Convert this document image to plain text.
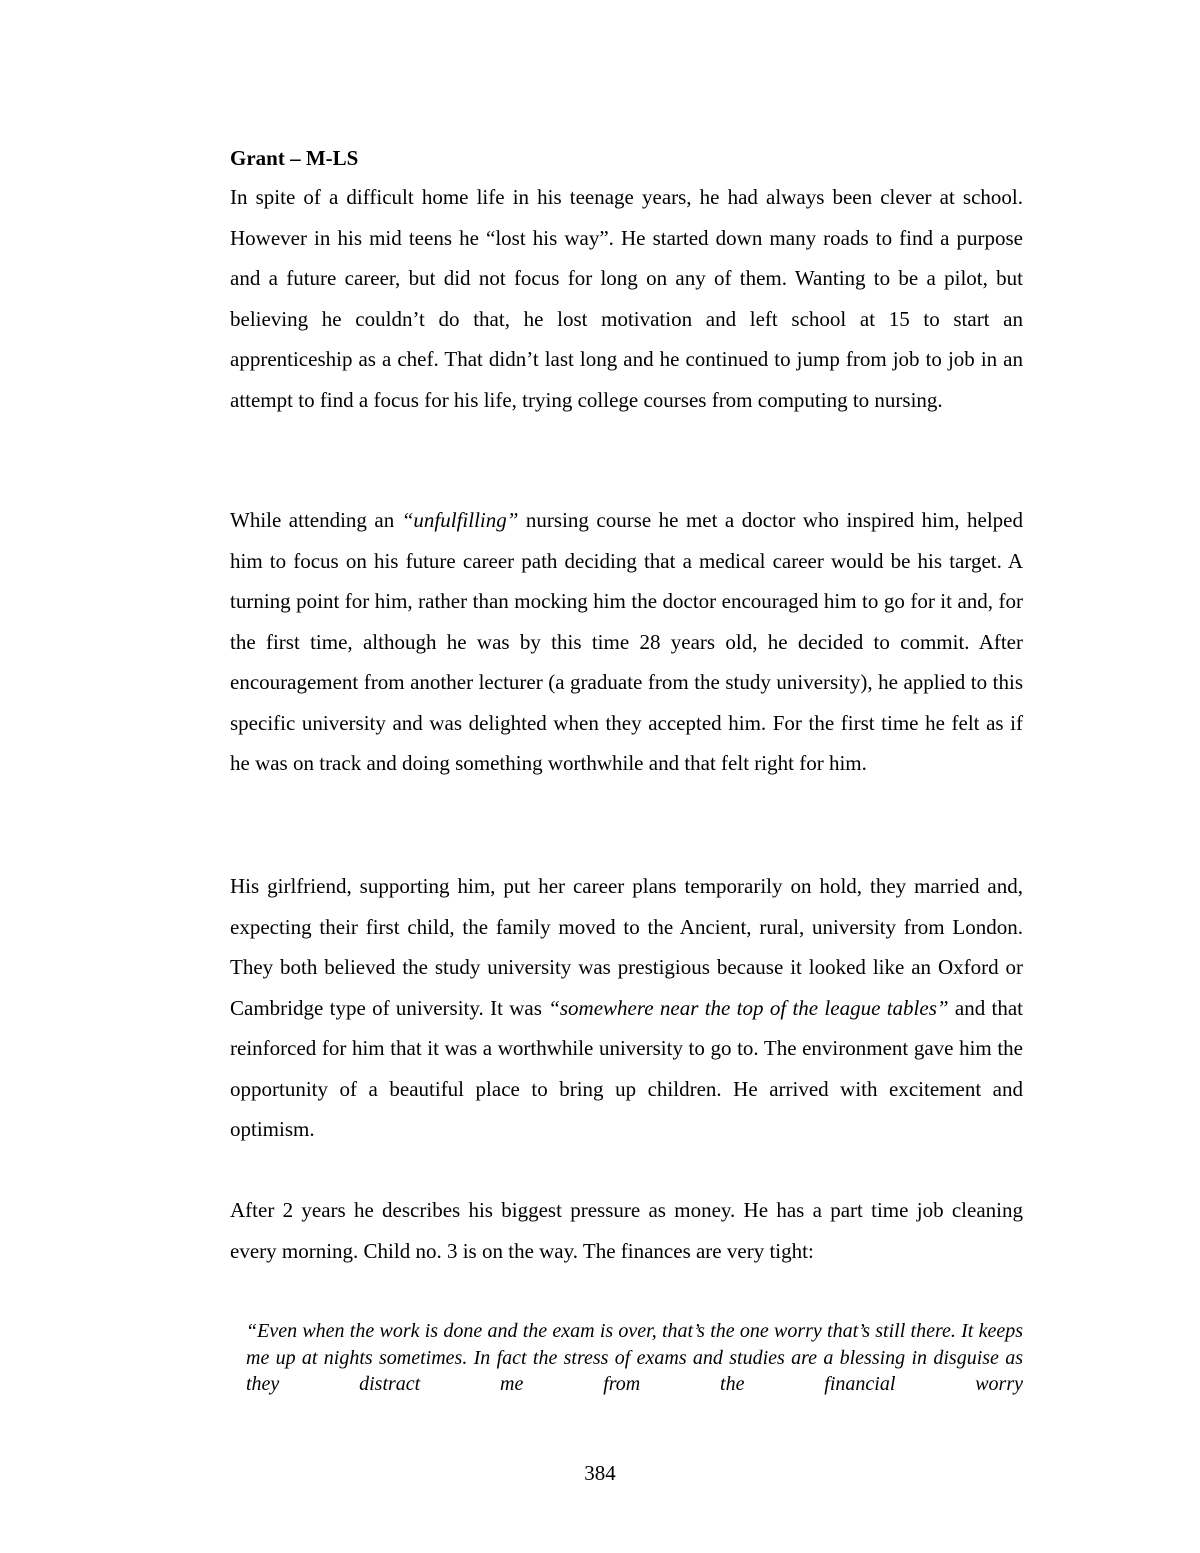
Grant – M-LS

In spite of a difficult home life in his teenage years, he had always been clever at school. However in his mid teens he “lost his way”. He started down many roads to find a purpose and a future career, but did not focus for long on any of them. Wanting to be a pilot, but believing he couldn’t do that, he lost motivation and left school at 15 to start an apprenticeship as a chef. That didn’t last long and he continued to jump from job to job in an attempt to find a focus for his life, trying college courses from computing to nursing.

While attending an “unfulfilling” nursing course he met a doctor who inspired him, helped him to focus on his future career path deciding that a medical career would be his target. A turning point for him, rather than mocking him the doctor encouraged him to go for it and, for the first time, although he was by this time 28 years old, he decided to commit. After encouragement from another lecturer (a graduate from the study university), he applied to this specific university and was delighted when they accepted him. For the first time he felt as if he was on track and doing something worthwhile and that felt right for him.

His girlfriend, supporting him, put her career plans temporarily on hold, they married and, expecting their first child, the family moved to the Ancient, rural, university from London. They both believed the study university was prestigious because it looked like an Oxford or Cambridge type of university. It was “somewhere near the top of the league tables” and that reinforced for him that it was a worthwhile university to go to. The environment gave him the opportunity of a beautiful place to bring up children. He arrived with excitement and optimism.

After 2 years he describes his biggest pressure as money. He has a part time job cleaning every morning. Child no. 3 is on the way. The finances are very tight:

“Even when the work is done and the exam is over, that’s the one worry that’s still there. It keeps me up at nights sometimes. In fact the stress of exams and studies are a blessing in disguise as they distract me from the financial worry
384
